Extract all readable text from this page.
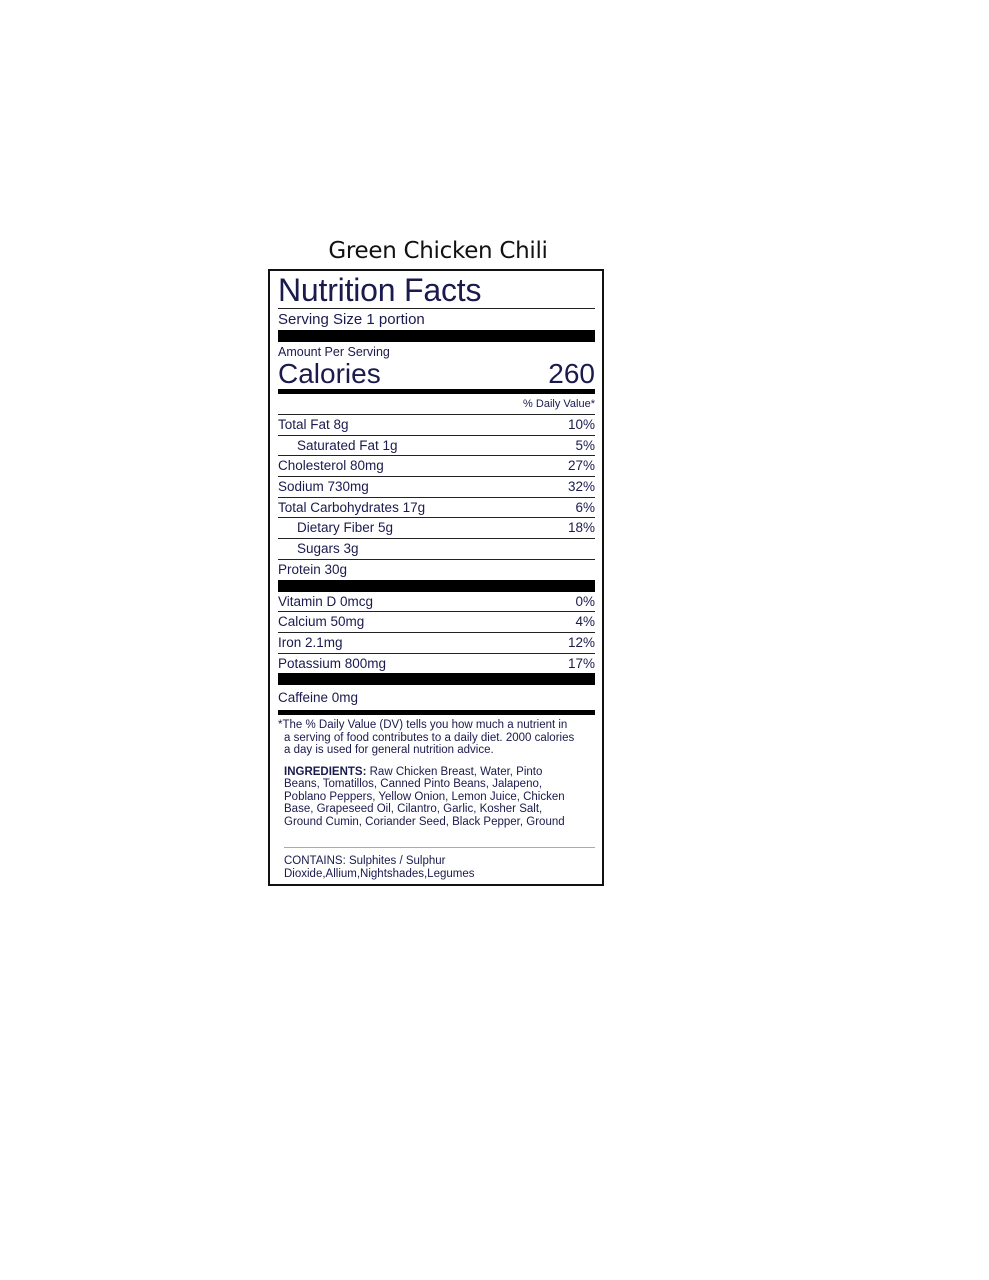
Green Chicken Chili
Nutrition Facts
Serving Size 1 portion
Amount Per Serving
Calories	260
% Daily Value*
Total Fat 8g	10%
Saturated Fat 1g	5%
Cholesterol 80mg	27%
Sodium 730mg	32%
Total Carbohydrates 17g	6%
Dietary Fiber 5g	18%
Sugars 3g
Protein 30g
Vitamin D 0mcg	0%
Calcium 50mg	4%
Iron 2.1mg	12%
Potassium 800mg	17%
Caffeine 0mg
*The % Daily Value (DV) tells you how much a nutrient in
a serving of food contributes to a daily diet. 2000 calories
a day is used for general nutrition advice.
INGREDIENTS: Raw Chicken Breast, Water, Pinto
Beans, Tomatillos, Canned Pinto Beans, Jalapeno,
Poblano Peppers, Yellow Onion, Lemon Juice, Chicken
Base, Grapeseed Oil, Cilantro, Garlic, Kosher Salt,
Ground Cumin, Coriander Seed, Black Pepper, Ground
CONTAINS: Sulphites / Sulphur
Dioxide,Allium,Nightshades,Legumes
